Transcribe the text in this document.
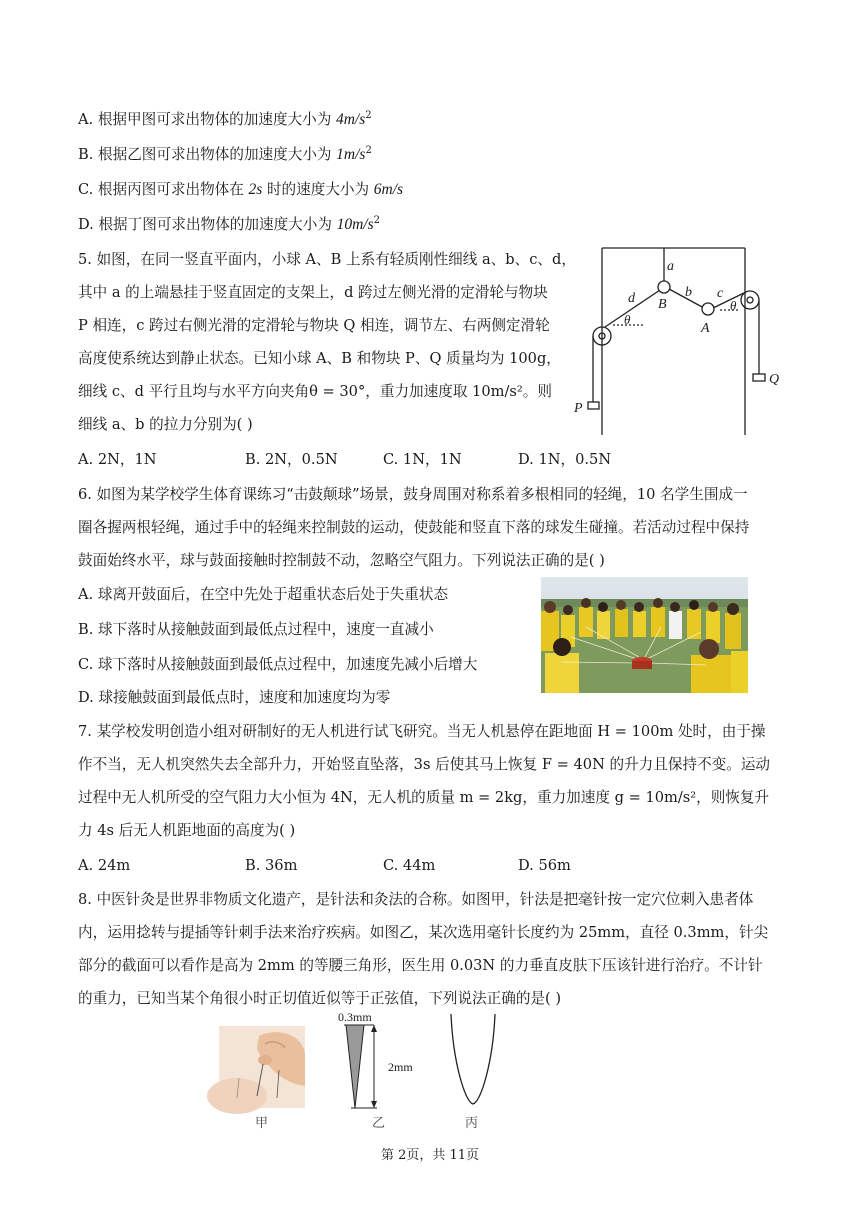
A. 根据甲图可求出物体的加速度大小为 $4m/s^2$
B. 根据乙图可求出物体的加速度大小为 $1m/s^2$
C. 根据丙图可求出物体在 2s 时的速度大小为 6m/s
D. 根据丁图可求出物体的加速度大小为 $10m/s^2$
5. 如图，在同一竖直平面内，小球 A、B 上系有轻质刚性细线 a、b、c、d，
其中 a 的上端悬挂于竖直固定的支架上，d 跨过左侧光滑的定滑轮与物块
P 相连，c 跨过右侧光滑的定滑轮与物块 Q 相连，调节左、右两侧定滑轮
高度使系统达到静止状态。已知小球 A、B 和物块 P、Q 质量均为 100g，
细线 c、d 平行且均与水平方向夹角θ = 30°，重力加速度取 10m/s²。则
细线 a、b 的拉力分别为( )
a
d	b c
B
A
θ
θ
P
Q
A. 2N，1N	B. 2N，0.5N	C. 1N，1N	D. 1N，0.5N
6. 如图为某学校学生体育课练习“击鼓颠球”场景，鼓身周围对称系着多根相同的轻绳，10 名学生围成一
圈各握两根轻绳，通过手中的轻绳来控制鼓的运动，使鼓能和竖直下落的球发生碰撞。若活动过程中保持
鼓面始终水平，球与鼓面接触时控制鼓不动，忽略空气阻力。下列说法正确的是( )
A. 球离开鼓面后，在空中先处于超重状态后处于失重状态
B. 球下落时从接触鼓面到最低点过程中，速度一直减小
C. 球下落时从接触鼓面到最低点过程中，加速度先减小后增大
D. 球接触鼓面到最低点时，速度和加速度均为零
7. 某学校发明创造小组对研制好的无人机进行试飞研究。当无人机悬停在距地面 H = 100m 处时，由于操
作不当，无人机突然失去全部升力，开始竖直坠落，3s 后使其马上恢复 F = 40N 的升力且保持不变。运动
过程中无人机所受的空气阻力大小恒为 4N，无人机的质量 m = 2kg，重力加速度 g = 10m/s²，则恢复升
力 4s 后无人机距地面的高度为( )
A. 24m	B. 36m	C. 44m	D. 56m
8. 中医针灸是世界非物质文化遗产，是针法和灸法的合称。如图甲，针法是把毫针按一定穴位刺入患者体
内，运用捻转与提插等针刺手法来治疗疾病。如图乙，某次选用毫针长度约为 25mm，直径 0.3mm，针尖
部分的截面可以看作是高为 2mm 的等腰三角形，医生用 0.03N 的力垂直皮肤下压该针进行治疗。不计针
的重力，已知当某个角很小时正切值近似等于正弦值，下列说法正确的是( )
甲
0.3mm
2mm
乙	丙
第 2页，共 11页
